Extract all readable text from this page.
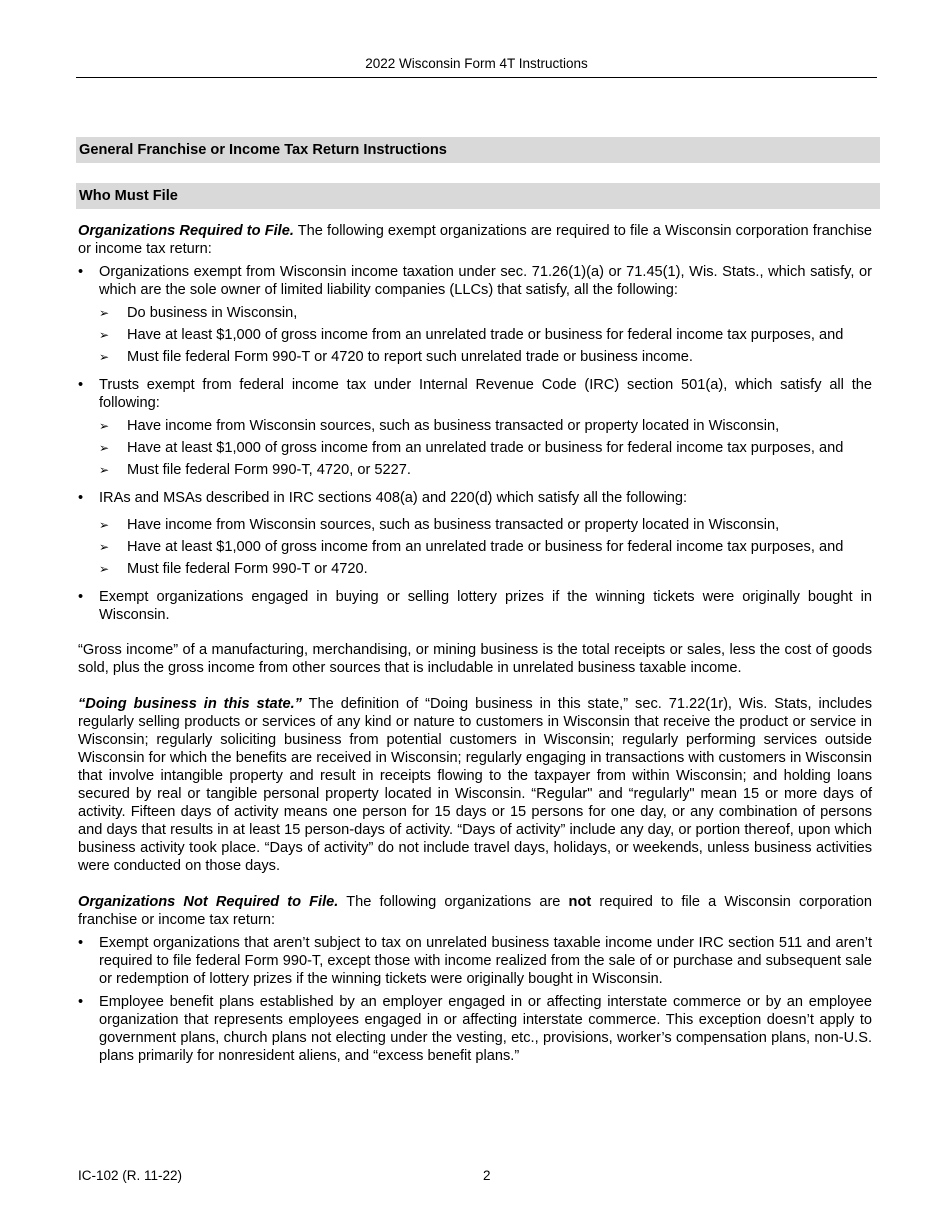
2022 Wisconsin Form 4T Instructions
General Franchise or Income Tax Return Instructions
Who Must File

Organizations Required to File. The following exempt organizations are required to file a Wisconsin corporation franchise or income tax return:

• Organizations exempt from Wisconsin income taxation under sec. 71.26(1)(a) or 71.45(1), Wis. Stats., which satisfy, or which are the sole owner of limited liability companies (LLCs) that satisfy, all the following:
➢ Do business in Wisconsin,
➢ Have at least $1,000 of gross income from an unrelated trade or business for federal income tax purposes, and
➢ Must file federal Form 990-T or 4720 to report such unrelated trade or business income.
• Trusts exempt from federal income tax under Internal Revenue Code (IRC) section 501(a), which satisfy all the following:
➢ Have income from Wisconsin sources, such as business transacted or property located in Wisconsin,
➢ Have at least $1,000 of gross income from an unrelated trade or business for federal income tax purposes, and
➢ Must file federal Form 990-T, 4720, or 5227.
• IRAs and MSAs described in IRC sections 408(a) and 220(d) which satisfy all the following:
➢ Have income from Wisconsin sources, such as business transacted or property located in Wisconsin,
➢ Have at least $1,000 of gross income from an unrelated trade or business for federal income tax purposes, and
➢ Must file federal Form 990-T or 4720.
• Exempt organizations engaged in buying or selling lottery prizes if the winning tickets were originally bought in Wisconsin.

“Gross income” of a manufacturing, merchandising, or mining business is the total receipts or sales, less the cost of goods sold, plus the gross income from other sources that is includable in unrelated business taxable income.

“Doing business in this state.” The definition of “Doing business in this state,” sec. 71.22(1r), Wis. Stats, includes regularly selling products or services of any kind or nature to customers in Wisconsin that receive the product or service in Wisconsin; regularly soliciting business from potential customers in Wisconsin; regularly performing services outside Wisconsin for which the benefits are received in Wisconsin; regularly engaging in transactions with customers in Wisconsin that involve intangible property and result in receipts flowing to the taxpayer from within Wisconsin; and holding loans secured by real or tangible personal property located in Wisconsin. “Regular" and “regularly" mean 15 or more days of activity. Fifteen days of activity means one person for 15 days or 15 persons for one day, or any combination of persons and days that results in at least 15 person-days of activity. “Days of activity” include any day, or portion thereof, upon which business activity took place. “Days of activity” do not include travel days, holidays, or weekends, unless business activities were conducted on those days.

Organizations Not Required to File. The following organizations are not required to file a Wisconsin corporation franchise or income tax return:

• Exempt organizations that aren’t subject to tax on unrelated business taxable income under IRC section 511 and aren’t required to file federal Form 990-T, except those with income realized from the sale of or purchase and subsequent sale or redemption of lottery prizes if the winning tickets were originally bought in Wisconsin.
• Employee benefit plans established by an employer engaged in or affecting interstate commerce or by an employee organization that represents employees engaged in or affecting interstate commerce. This exception doesn’t apply to government plans, church plans not electing under the vesting, etc., provisions, worker’s compensation plans, non-U.S. plans primarily for nonresident aliens, and “excess benefit plans.”
IC-102 (R. 11-22)	2
